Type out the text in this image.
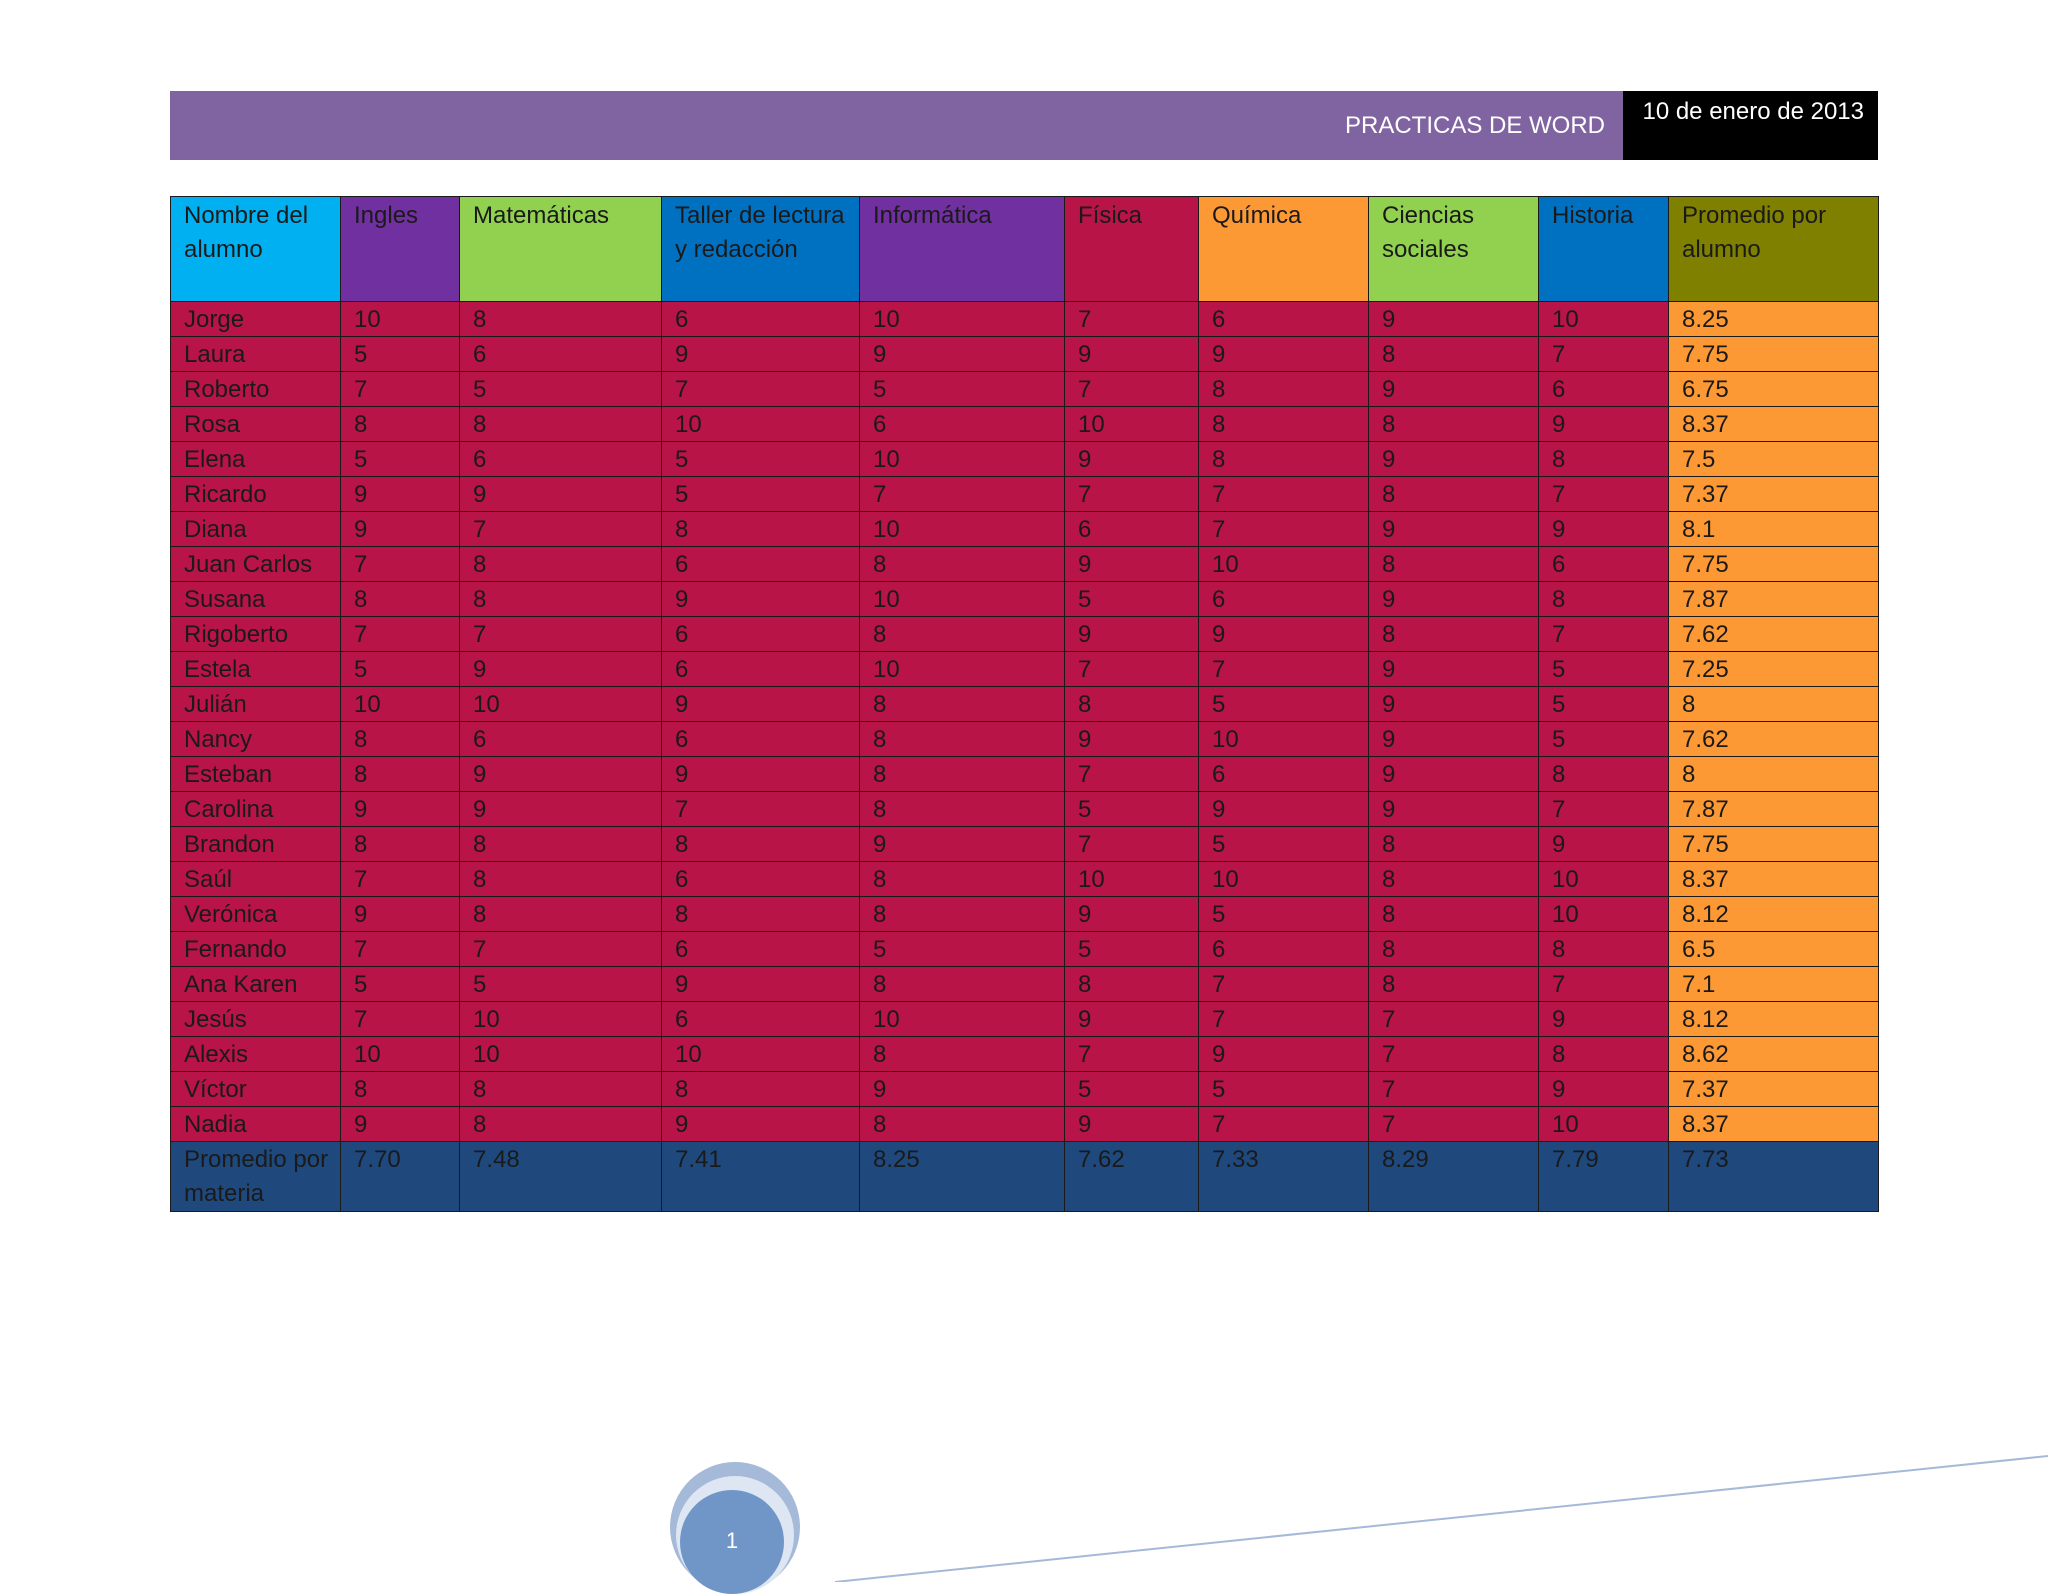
PRACTICAS DE WORD
10 de enero de 2013
Nombre del alumno	Ingles	Matemáticas	Taller de lectura y redacción	Informática	Física	Química	Ciencias sociales	Historia	Promedio por alumno
Jorge	10	8	6	10	7	6	9	10	8.25
Laura	5	6	9	9	9	9	8	7	7.75
Roberto	7	5	7	5	7	8	9	6	6.75
Rosa	8	8	10	6	10	8	8	9	8.37
Elena	5	6	5	10	9	8	9	8	7.5
Ricardo	9	9	5	7	7	7	8	7	7.37
Diana	9	7	8	10	6	7	9	9	8.1
Juan Carlos	7	8	6	8	9	10	8	6	7.75
Susana	8	8	9	10	5	6	9	8	7.87
Rigoberto	7	7	6	8	9	9	8	7	7.62
Estela	5	9	6	10	7	7	9	5	7.25
Julián	10	10	9	8	8	5	9	5	8
Nancy	8	6	6	8	9	10	9	5	7.62
Esteban	8	9	9	8	7	6	9	8	8
Carolina	9	9	7	8	5	9	9	7	7.87
Brandon	8	8	8	9	7	5	8	9	7.75
Saúl	7	8	6	8	10	10	8	10	8.37
Verónica	9	8	8	8	9	5	8	10	8.12
Fernando	7	7	6	5	5	6	8	8	6.5
Ana Karen	5	5	9	8	8	7	8	7	7.1
Jesús	7	10	6	10	9	7	7	9	8.12
Alexis	10	10	10	8	7	9	7	8	8.62
Víctor	8	8	8	9	5	5	7	9	7.37
Nadia	9	8	9	8	9	7	7	10	8.37
Promedio por materia	7.70	7.48	7.41	8.25	7.62	7.33	8.29	7.79	7.73
1
